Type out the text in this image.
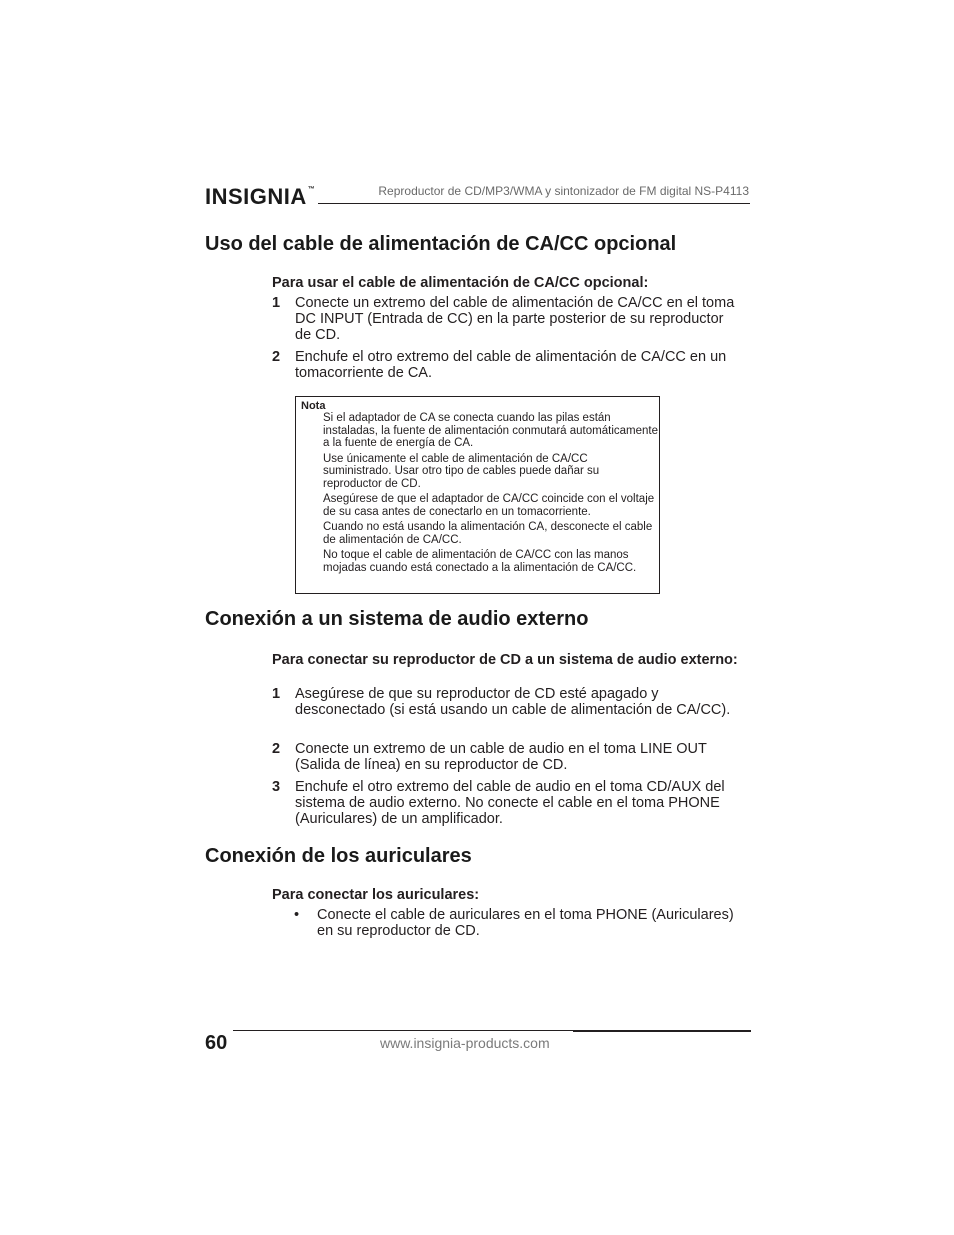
INSIGNIA™	Reproductor de CD/MP3/WMA y sintonizador de FM digital NS-P4113
Uso del cable de alimentación de CA/CC opcional
Para usar el cable de alimentación de CA/CC opcional:
1 Conecte un extremo del cable de alimentación de CA/CC en el toma DC INPUT (Entrada de CC) en la parte posterior de su reproductor de CD.
2 Enchufe el otro extremo del cable de alimentación de CA/CC en un tomacorriente de CA.
Nota
Si el adaptador de CA se conecta cuando las pilas están instaladas, la fuente de alimentación conmutará automáticamente a la fuente de energía de CA.
Use únicamente el cable de alimentación de CA/CC suministrado. Usar otro tipo de cables puede dañar su reproductor de CD.
Asegúrese de que el adaptador de CA/CC coincide con el voltaje de su casa antes de conectarlo en un tomacorriente.
Cuando no está usando la alimentación CA, desconecte el cable de alimentación de CA/CC.
No toque el cable de alimentación de CA/CC con las manos mojadas cuando está conectado a la alimentación de CA/CC.
Conexión a un sistema de audio externo
Para conectar su reproductor de CD a un sistema de audio externo:
1 Asegúrese de que su reproductor de CD esté apagado y desconectado (si está usando un cable de alimentación de CA/CC).
2 Conecte un extremo de un cable de audio en el toma LINE OUT (Salida de línea) en su reproductor de CD.
3 Enchufe el otro extremo del cable de audio en el toma CD/AUX del sistema de audio externo. No conecte el cable en el toma PHONE (Auriculares) de un amplificador.
Conexión de los auriculares
Para conectar los auriculares:
• Conecte el cable de auriculares en el toma PHONE (Auriculares) en su reproductor de CD.
60	www.insignia-products.com
